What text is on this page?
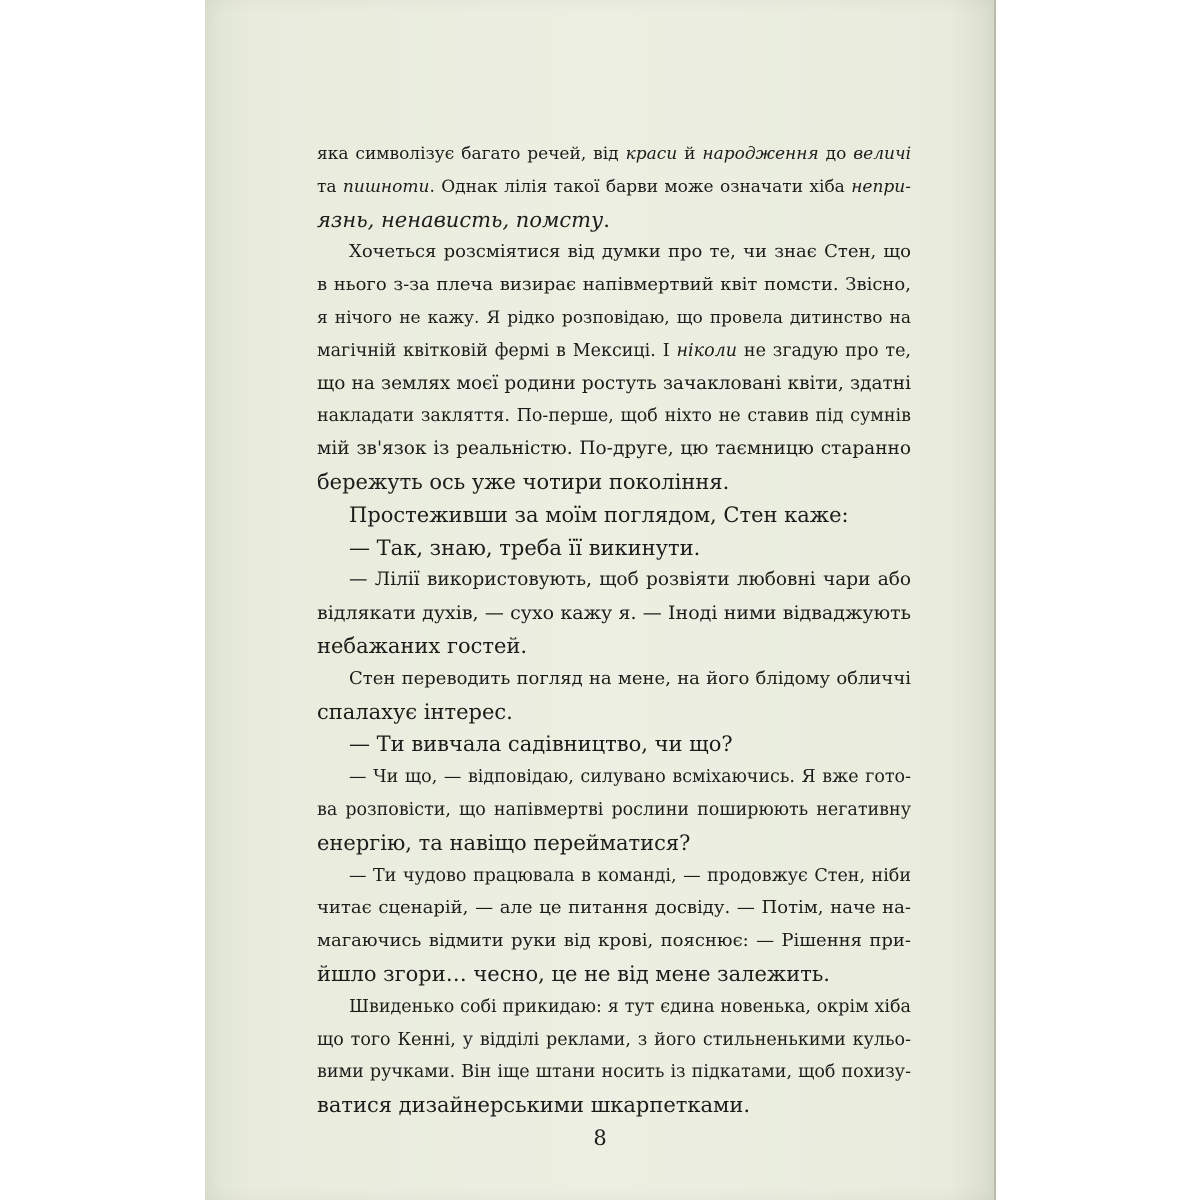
яка символізує багато речей, від краси й народження до величі
та пишноти. Однак лілія такої барви може означати хіба непри-
язнь, ненависть, помсту.
Хочеться розсміятися від думки про те, чи знає Стен, що
в нього з-за плеча визирає напівмертвий квіт помсти. Звісно,
я нічого не кажу. Я рідко розповідаю, що провела дитинство на
магічній квітковій фермі в Мексиці. І ніколи не згадую про те,
що на землях моєї родини ростуть зачакловані квіти, здатні
накладати закляття. По-перше, щоб ніхто не ставив під сумнів
мій зв'язок із реальністю. По-друге, цю таємницю старанно
бережуть ось уже чотири покоління.
Простеживши за моїм поглядом, Стен каже:
— Так, знаю, треба її викинути.
— Лілії використовують, щоб розвіяти любовні чари або
відлякати духів, — сухо кажу я. — Іноді ними відваджують
небажаних гостей.
Стен переводить погляд на мене, на його блідому обличчі
спалахує інтерес.
— Ти вивчала садівництво, чи що?
— Чи що, — відповідаю, силувано всміхаючись. Я вже гото-
ва розповісти, що напівмертві рослини поширюють негативну
енергію, та навіщо перейматися?
— Ти чудово працювала в команді, — продовжує Стен, ніби
читає сценарій, — але це питання досвіду. — Потім, наче на-
магаючись відмити руки від крові, пояснює: — Рішення при-
йшло згори… чесно, це не від мене залежить.
Швиденько собі прикидаю: я тут єдина новенька, окрім хіба
що того Кенні, у відділі реклами, з його стильненькими кульо-
вими ручками. Він іще штани носить із підкатами, щоб похизу-
ватися дизайнерськими шкарпетками.
8
